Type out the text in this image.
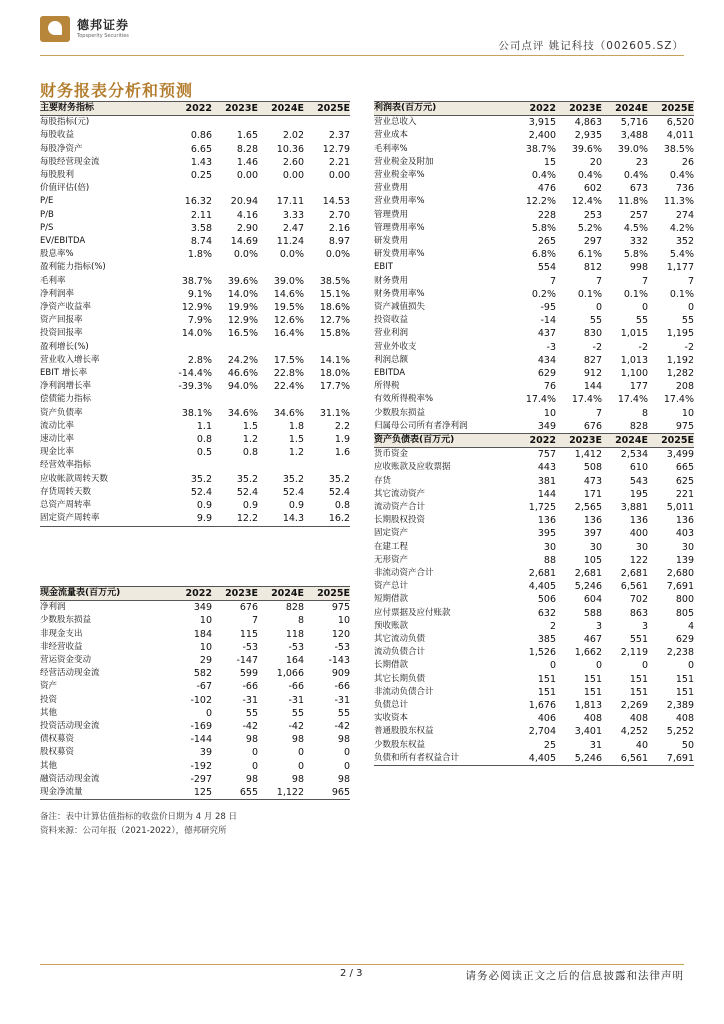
德邦证券
Topsperity Securities
公司点评 姚记科技（002605.SZ）
财务报表分析和预测
主要财务指标	2022	2023E	2024E	2025E
每股指标(元)				
每股收益	0.86	1.65	2.02	2.37
每股净资产	6.65	8.28	10.36	12.79
每股经营现金流	1.43	1.46	2.60	2.21
每股股利	0.25	0.00	0.00	0.00
价值评估(倍)				
P/E	16.32	20.94	17.11	14.53
P/B	2.11	4.16	3.33	2.70
P/S	3.58	2.90	2.47	2.16
EV/EBITDA	8.74	14.69	11.24	8.97
股息率%	1.8%	0.0%	0.0%	0.0%
盈利能力指标(%)				
毛利率	38.7%	39.6%	39.0%	38.5%
净利润率	9.1%	14.0%	14.6%	15.1%
净资产收益率	12.9%	19.9%	19.5%	18.6%
资产回报率	7.9%	12.9%	12.6%	12.7%
投资回报率	14.0%	16.5%	16.4%	15.8%
盈利增长(%)				
营业收入增长率	2.8%	24.2%	17.5%	14.1%
EBIT 增长率	-14.4%	46.6%	22.8%	18.0%
净利润增长率	-39.3%	94.0%	22.4%	17.7%
偿债能力指标				
资产负债率	38.1%	34.6%	34.6%	31.1%
流动比率	1.1	1.5	1.8	2.2
速动比率	0.8	1.2	1.5	1.9
现金比率	0.5	0.8	1.2	1.6
经营效率指标				
应收帐款周转天数	35.2	35.2	35.2	35.2
存货周转天数	52.4	52.4	52.4	52.4
总资产周转率	0.9	0.9	0.9	0.8
固定资产周转率	9.9	12.2	14.3	16.2
利润表(百万元)	2022	2023E	2024E	2025E
营业总收入	3,915	4,863	5,716	6,520
营业成本	2,400	2,935	3,488	4,011
毛利率%	38.7%	39.6%	39.0%	38.5%
营业税金及附加	15	20	23	26
营业税金率%	0.4%	0.4%	0.4%	0.4%
营业费用	476	602	673	736
营业费用率%	12.2%	12.4%	11.8%	11.3%
管理费用	228	253	257	274
管理费用率%	5.8%	5.2%	4.5%	4.2%
研发费用	265	297	332	352
研发费用率%	6.8%	6.1%	5.8%	5.4%
EBIT	554	812	998	1,177
财务费用	7	7	7	7
财务费用率%	0.2%	0.1%	0.1%	0.1%
资产减值损失	-95	0	0	0
投资收益	-14	55	55	55
营业利润	437	830	1,015	1,195
营业外收支	-3	-2	-2	-2
利润总额	434	827	1,013	1,192
EBITDA	629	912	1,100	1,282
所得税	76	144	177	208
有效所得税率%	17.4%	17.4%	17.4%	17.4%
少数股东损益	10	7	8	10
归属母公司所有者净利润	349	676	828	975
资产负债表(百万元)	2022	2023E	2024E	2025E
货币资金	757	1,412	2,534	3,499
应收账款及应收票据	443	508	610	665
存货	381	473	543	625
其它流动资产	144	171	195	221
流动资产合计	1,725	2,565	3,881	5,011
长期股权投资	136	136	136	136
固定资产	395	397	400	403
在建工程	30	30	30	30
无形资产	88	105	122	139
非流动资产合计	2,681	2,681	2,681	2,680
资产总计	4,405	5,246	6,561	7,691
短期借款	506	604	702	800
应付票据及应付账款	632	588	863	805
预收账款	2	3	3	4
其它流动负债	385	467	551	629
流动负债合计	1,526	1,662	2,119	2,238
长期借款	0	0	0	0
其它长期负债	151	151	151	151
非流动负债合计	151	151	151	151
负债总计	1,676	1,813	2,269	2,389
实收资本	406	408	408	408
普通股股东权益	2,704	3,401	4,252	5,252
少数股东权益	25	31	40	50
负债和所有者权益合计	4,405	5,246	6,561	7,691
现金流量表(百万元)	2022	2023E	2024E	2025E
净利润	349	676	828	975
少数股东损益	10	7	8	10
非现金支出	184	115	118	120
非经营收益	10	-53	-53	-53
营运资金变动	29	-147	164	-143
经营活动现金流	582	599	1,066	909
资产	-67	-66	-66	-66
投资	-102	-31	-31	-31
其他	0	55	55	55
投资活动现金流	-169	-42	-42	-42
债权募资	-144	98	98	98
股权募资	39	0	0	0
其他	-192	0	0	0
融资活动现金流	-297	98	98	98
现金净流量	125	655	1,122	965
备注：表中计算估值指标的收盘价日期为 4 月 28 日
资料来源：公司年报（2021-2022），德邦研究所
2 / 3	请务必阅读正文之后的信息披露和法律声明
